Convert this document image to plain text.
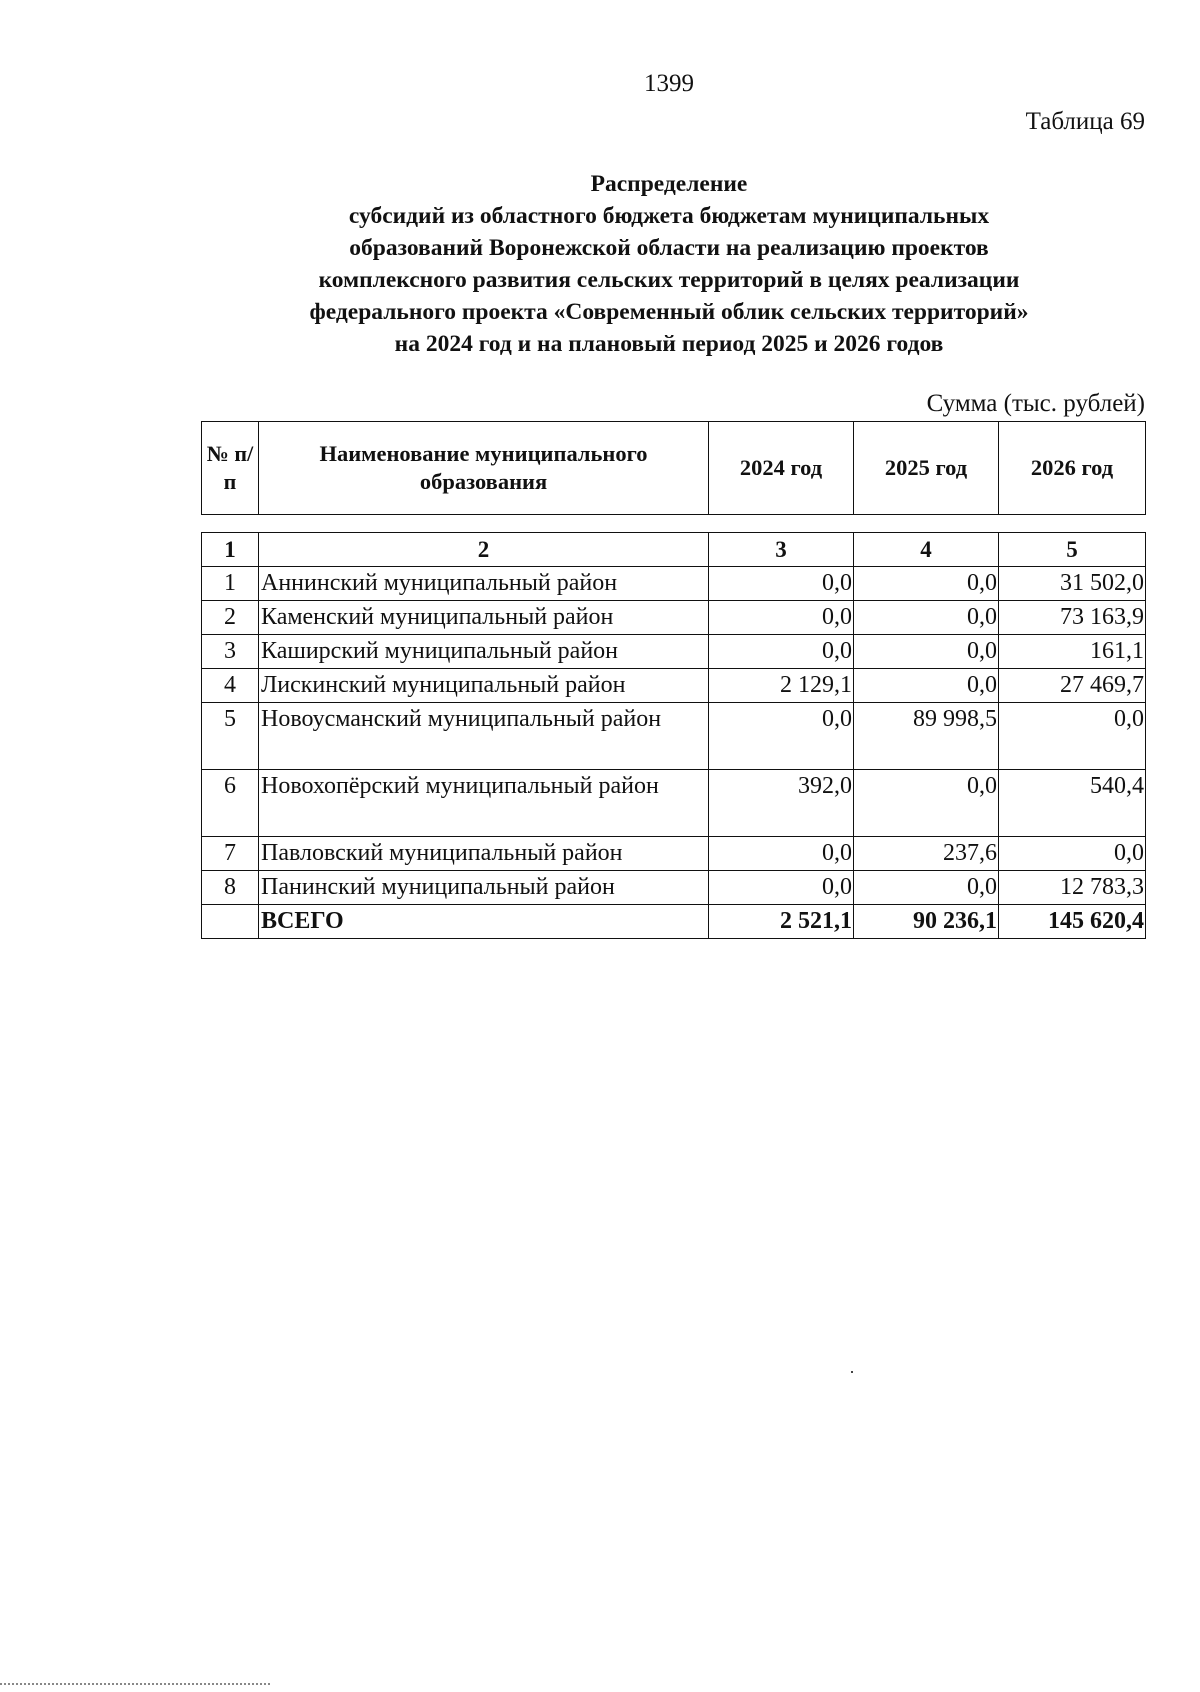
1399
Таблица 69
Распределение
субсидий из областного бюджета бюджетам муниципальных
образований Воронежской области на реализацию проектов
комплексного развития сельских территорий в целях реализации
федерального проекта «Современный облик сельских территорий»
на 2024 год и на плановый период 2025 и 2026 годов
Сумма (тыс. рублей)
№ п/п	Наименование муниципального образования	2024 год	2025 год	2026 год
1	2	3	4	5
1	Аннинский муниципальный район	0,0	0,0	31 502,0
2	Каменский муниципальный район	0,0	0,0	73 163,9
3	Каширский муниципальный район	0,0	0,0	161,1
4	Лискинский муниципальный район	2 129,1	0,0	27 469,7
5	Новоусманский муниципальный район	0,0	89 998,5	0,0
6	Новохопёрский муниципальный район	392,0	0,0	540,4
7	Павловский муниципальный район	0,0	237,6	0,0
8	Панинский муниципальный район	0,0	0,0	12 783,3
	ВСЕГО	2 521,1	90 236,1	145 620,4
